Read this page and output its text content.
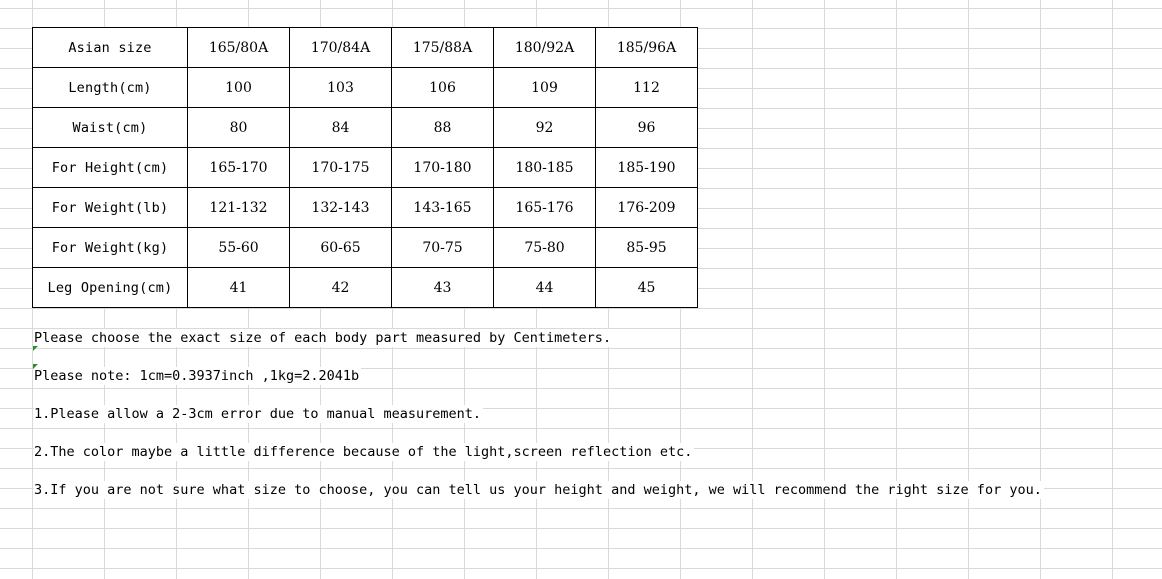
Asian size	165/80A	170/84A	175/88A	180/92A	185/96A
Length(cm)	100	103	106	109	112
Waist(cm)	80	84	88	92	96
For Height(cm)	165-170	170-175	170-180	180-185	185-190
For Weight(lb)	121-132	132-143	143-165	165-176	176-209
For Weight(kg)	55-60	60-65	70-75	75-80	85-95
Leg Opening(cm)	41	42	43	44	45
Please choose the exact size of each body part measured by Centimeters.
Please note: 1cm=0.3937inch ,1kg=2.2041b
1.Please allow a 2-3cm error due to manual measurement.
2.The color maybe a little difference because of the light,screen reflection etc.
3.If you are not sure what size to choose, you can tell us your height and weight, we will recommend the right size for you.
